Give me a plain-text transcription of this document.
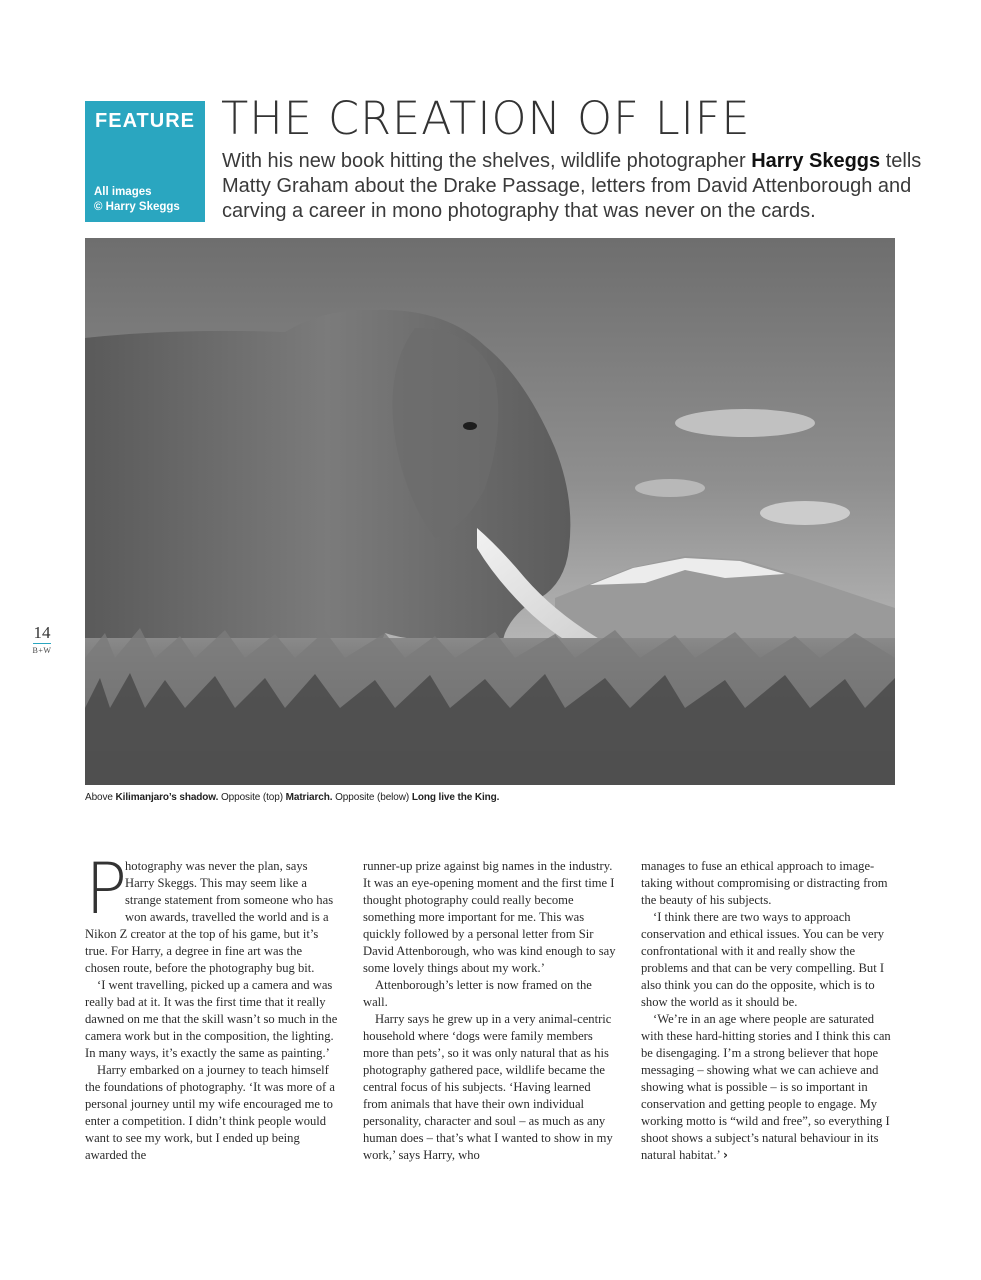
FEATURE
All images
© Harry Skeggs
THE CREATION OF LIFE
With his new book hitting the shelves, wildlife photographer Harry Skeggs tells Matty Graham about the Drake Passage, letters from David Attenborough and carving a career in mono photography that was never on the cards.
Above Kilimanjaro’s shadow. Opposite (top) Matriarch. Opposite (below) Long live the King.
14
B+W

P
hotography was never the plan, says Harry Skeggs. This may seem like a strange statement from someone who has won awards, travelled the world and is a Nikon Z creator at the top of his game, but it’s true. For Harry, a degree in fine art was the chosen route, before the photography bug bit.

‘I went travelling, picked up a camera and was really bad at it. It was the first time that it really dawned on me that the skill wasn’t so much in the camera work but in the composition, the lighting. In many ways, it’s exactly the same as painting.’

Harry embarked on a journey to teach himself the foundations of photography. ‘It was more of a personal journey until my wife encouraged me to enter a competition. I didn’t think people would want to see my work, but I ended up being awarded the

runner-up prize against big names in the industry. It was an eye-opening moment and the first time I thought photography could really become something more important for me. This was quickly followed by a personal letter from Sir David Attenborough, who was kind enough to say some lovely things about my work.’

Attenborough’s letter is now framed on the wall.

Harry says he grew up in a very animal-centric household where ‘dogs were family members more than pets’, so it was only natural that as his photography gathered pace, wildlife became the central focus of his subjects. ‘Having learned from animals that have their own individual personality, character and soul – as much as any human does – that’s what I wanted to show in my work,’ says Harry, who

manages to fuse an ethical approach to image-taking without compromising or distracting from the beauty of his subjects.

‘I think there are two ways to approach conservation and ethical issues. You can be very confrontational with it and really show the problems and that can be very compelling. But I also think you can do the opposite, which is to show the world as it should be.

‘We’re in an age where people are saturated with these hard-hitting stories and I think this can be disengaging. I’m a strong believer that hope messaging – showing what we can achieve and showing what is possible – is so important in conservation and getting people to engage. My working motto is “wild and free”, so everything I shoot shows a subject’s natural behaviour in its natural habitat.’ ›
